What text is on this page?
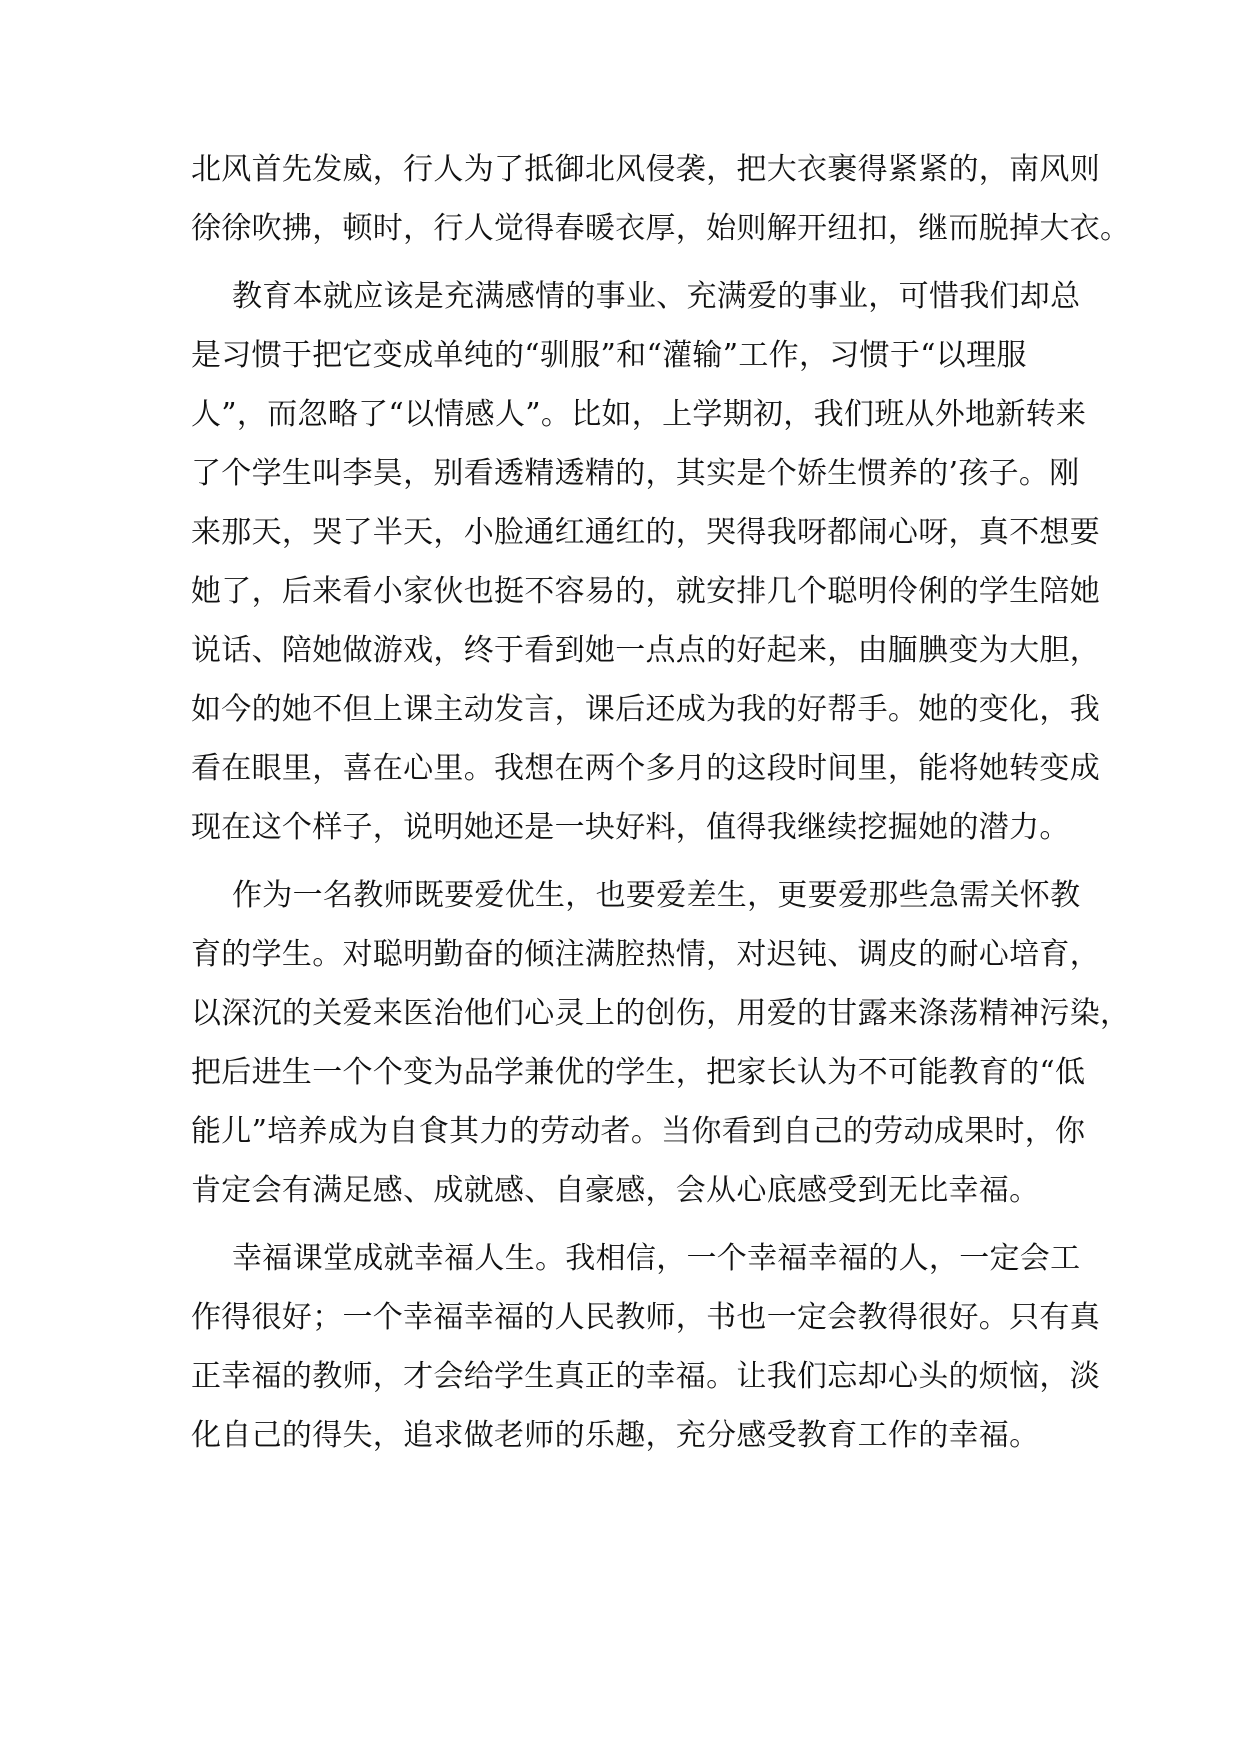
北风首先发威，行人为了抵御北风侵袭，把大衣裹得紧紧的，南风则

徐徐吹拂，顿时，行人觉得春暖衣厚，始则解开纽扣，继而脱掉大衣。

教育本就应该是充满感情的事业、充满爱的事业，可惜我们却总

是习惯于把它变成单纯的“驯服”和“灌输”工作，习惯于“以理服

人”，而忽略了“以情感人”。比如，上学期初，我们班从外地新转来

了个学生叫李昊，别看透精透精的，其实是个娇生惯养的’孩子。刚

来那天，哭了半天，小脸通红通红的，哭得我呀都闹心呀，真不想要

她了，后来看小家伙也挺不容易的，就安排几个聪明伶俐的学生陪她

说话、陪她做游戏，终于看到她一点点的好起来，由腼腆变为大胆，

如今的她不但上课主动发言，课后还成为我的好帮手。她的变化，我

看在眼里，喜在心里。我想在两个多月的这段时间里，能将她转变成

现在这个样子，说明她还是一块好料，值得我继续挖掘她的潜力。

作为一名教师既要爱优生，也要爱差生，更要爱那些急需关怀教

育的学生。对聪明勤奋的倾注满腔热情，对迟钝、调皮的耐心培育，

以深沉的关爱来医治他们心灵上的创伤，用爱的甘露来涤荡精神污染，

把后进生一个个变为品学兼优的学生，把家长认为不可能教育的“低

能儿”培养成为自食其力的劳动者。当你看到自己的劳动成果时，你

肯定会有满足感、成就感、自豪感，会从心底感受到无比幸福。

幸福课堂成就幸福人生。我相信，一个幸福幸福的人，一定会工

作得很好；一个幸福幸福的人民教师，书也一定会教得很好。只有真

正幸福的教师，才会给学生真正的幸福。让我们忘却心头的烦恼，淡

化自己的得失，追求做老师的乐趣，充分感受教育工作的幸福。
